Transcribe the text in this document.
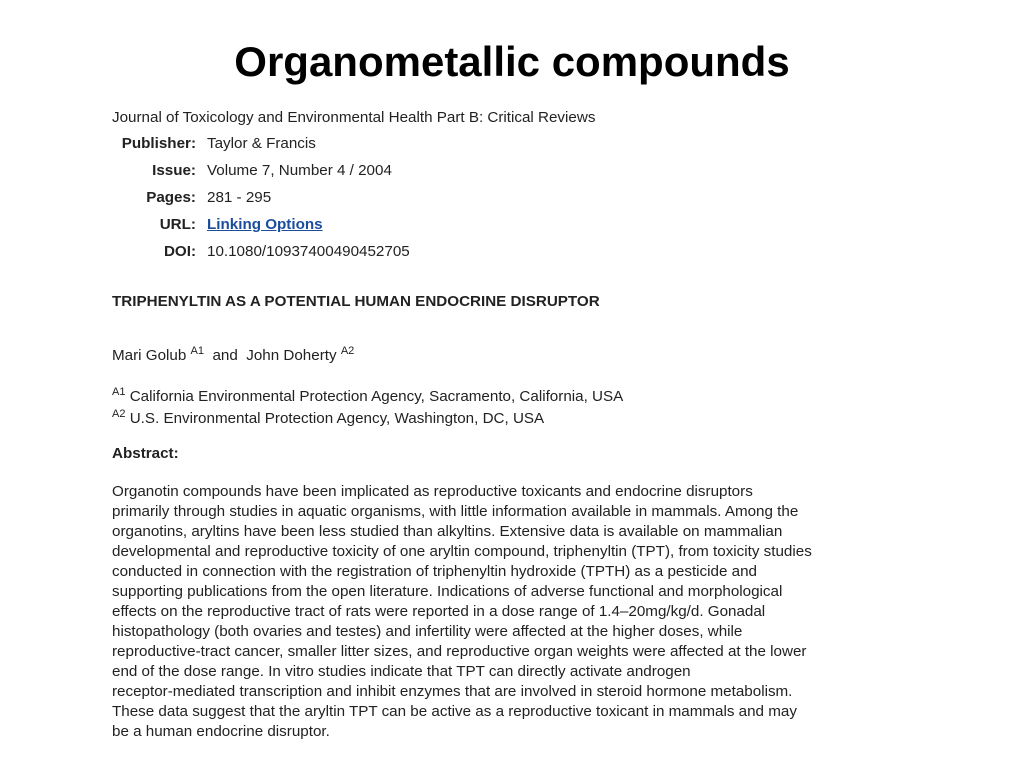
Organometallic compounds
Journal of Toxicology and Environmental Health Part B: Critical Reviews
Publisher: Taylor & Francis
Issue: Volume 7, Number 4 / 2004
Pages: 281 - 295
URL: Linking Options
DOI: 10.1080/10937400490452705
TRIPHENYLTIN AS A POTENTIAL HUMAN ENDOCRINE DISRUPTOR
Mari Golub $^{A1}$  and  John Doherty $^{A2}$
$^{A1}$ California Environmental Protection Agency, Sacramento, California, USA
$^{A2}$ U.S. Environmental Protection Agency, Washington, DC, USA
Abstract:
Organotin compounds have been implicated as reproductive toxicants and endocrine disruptors
primarily through studies in aquatic organisms, with little information available in mammals. Among the
organotins, aryltins have been less studied than alkyltins. Extensive data is available on mammalian
developmental and reproductive toxicity of one aryltin compound, triphenyltin (TPT), from toxicity studies
conducted in connection with the registration of triphenyltin hydroxide (TPTH) as a pesticide and
supporting publications from the open literature. Indications of adverse functional and morphological
effects on the reproductive tract of rats were reported in a dose range of 1.4–20mg/kg/d. Gonadal
histopathology (both ovaries and testes) and infertility were affected at the higher doses, while
reproductive-tract cancer, smaller litter sizes, and reproductive organ weights were affected at the lower
end of the dose range. In vitro studies indicate that TPT can directly activate androgen
receptor-mediated transcription and inhibit enzymes that are involved in steroid hormone metabolism.
These data suggest that the aryltin TPT can be active as a reproductive toxicant in mammals and may
be a human endocrine disruptor.
